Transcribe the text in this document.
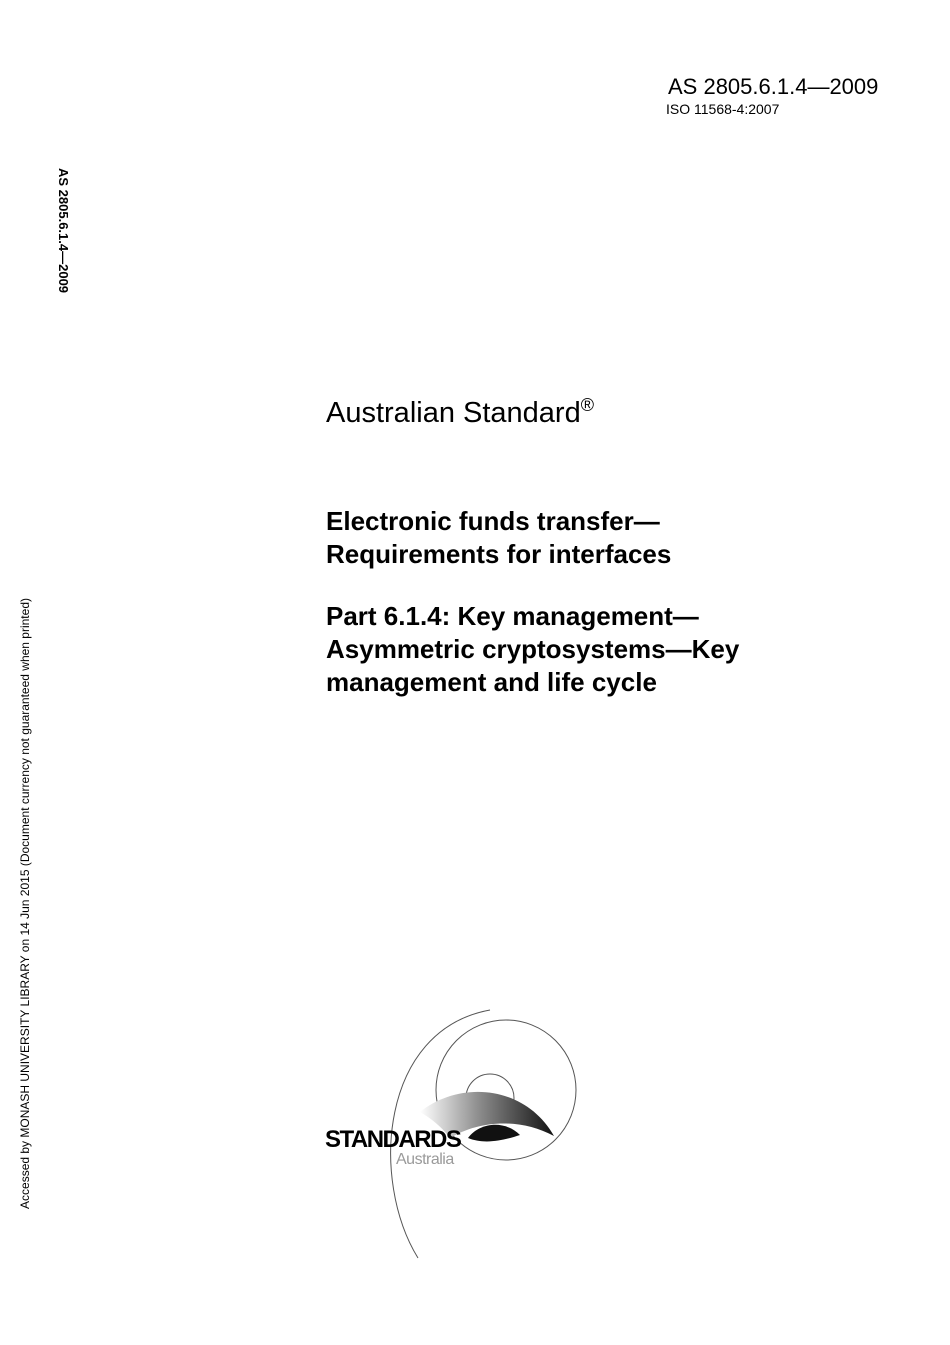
AS 2805.6.1.4—2009
ISO 11568-4:2007
AS 2805.6.1.4—2009
Accessed by MONASH UNIVERSITY LIBRARY on 14 Jun 2015 (Document currency not guaranteed when printed)
Australian Standard®
Electronic funds transfer—
Requirements for interfaces
Part 6.1.4: Key management—
Asymmetric cryptosystems—Key
management and life cycle
STANDARDS
Australia
